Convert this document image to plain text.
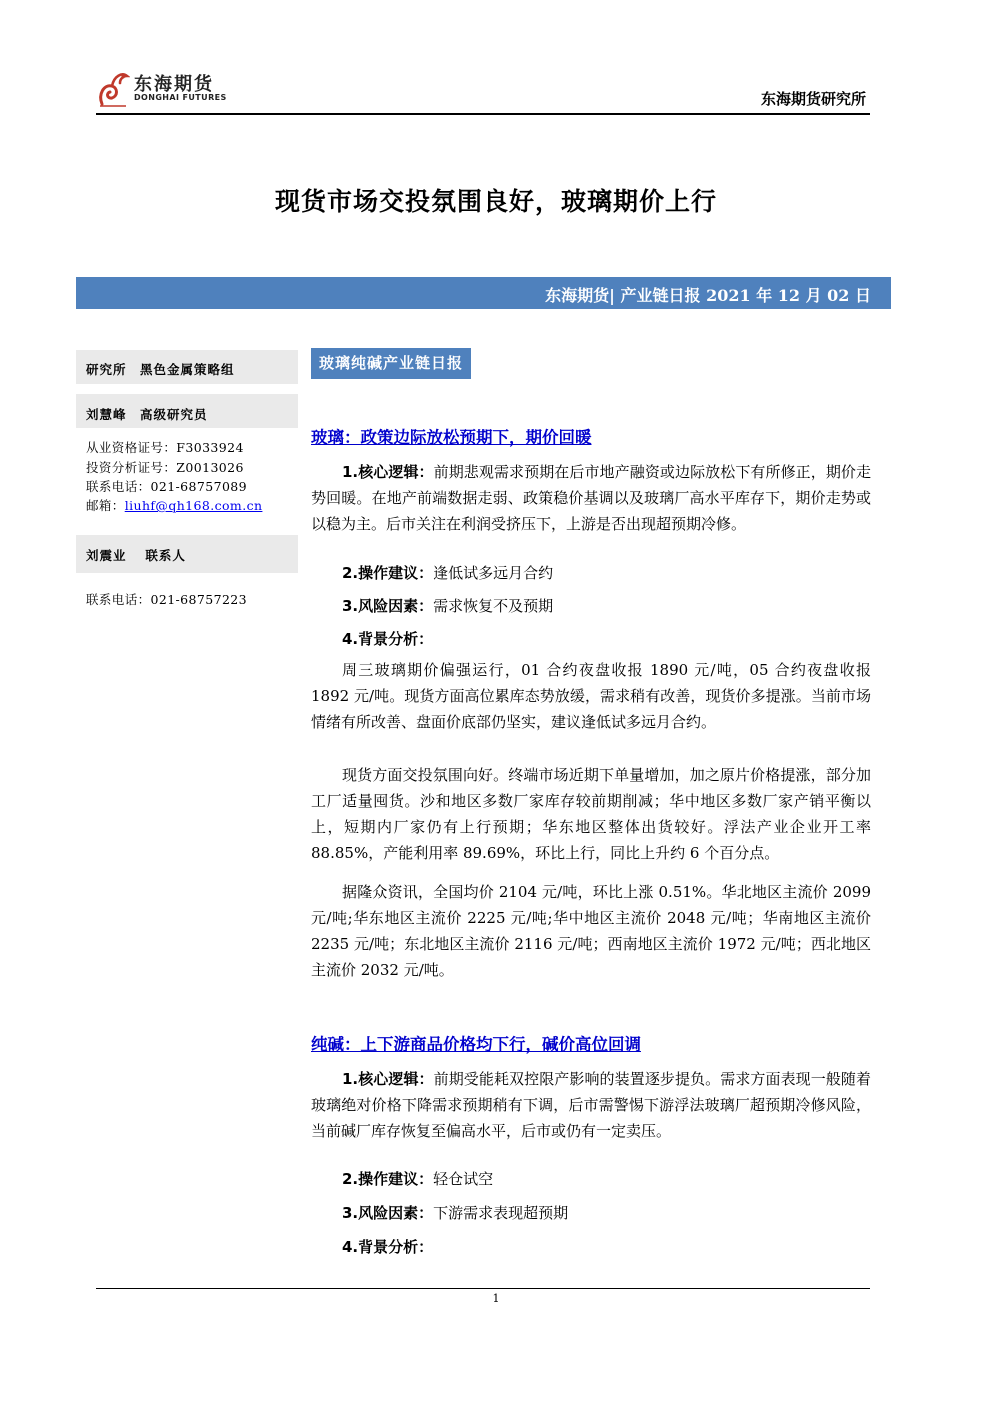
东海期货
DONGHAI FUTURES	东海期货研究所
现货市场交投氛围良好，玻璃期价上行
东海期货| 产业链日报 2021 年 12 月 02 日
研究所　黑色金属策略组
刘慧峰　高级研究员
从业资格证号：F3033924
投资分析证号：Z0013026
联系电话：021-68757089
邮箱：liuhf@qh168.com.cn
刘震业　 联系人
联系电话：021-68757223
玻璃纯碱产业链日报
玻璃：政策边际放松预期下，期价回暖

1.核心逻辑：前期悲观需求预期在后市地产融资或边际放松下有所修正，期价走势回暖。在地产前端数据走弱、政策稳价基调以及玻璃厂高水平库存下，期价走势或以稳为主。后市关注在利润受挤压下，上游是否出现超预期冷修。

2.操作建议：逢低试多远月合约
3.风险因素：需求恢复不及预期
4.背景分析：

周三玻璃期价偏强运行，01 合约夜盘收报 1890 元/吨，05 合约夜盘收报 1892 元/吨。现货方面高位累库态势放缓，需求稍有改善，现货价多提涨。当前市场情绪有所改善、盘面价底部仍坚实，建议逢低试多远月合约。

现货方面交投氛围向好。终端市场近期下单量增加，加之原片价格提涨，部分加工厂适量囤货。沙和地区多数厂家库存较前期削减；华中地区多数厂家产销平衡以上，短期内厂家仍有上行预期；华东地区整体出货较好。浮法产业企业开工率 88.85%，产能利用率 89.69%，环比上行，同比上升约 6 个百分点。

据隆众资讯，全国均价 2104 元/吨，环比上涨 0.51%。华北地区主流价 2099 元/吨;华东地区主流价 2225 元/吨;华中地区主流价 2048 元/吨；华南地区主流价 2235 元/吨；东北地区主流价 2116 元/吨；西南地区主流价 1972 元/吨；西北地区主流价 2032 元/吨。

纯碱：上下游商品价格均下行，碱价高位回调

1.核心逻辑：前期受能耗双控限产影响的装置逐步提负。需求方面表现一般随着玻璃绝对价格下降需求预期稍有下调，后市需警惕下游浮法玻璃厂超预期冷修风险，当前碱厂库存恢复至偏高水平，后市或仍有一定卖压。

2.操作建议：轻仓试空
3.风险因素：下游需求表现超预期
4.背景分析：
1
